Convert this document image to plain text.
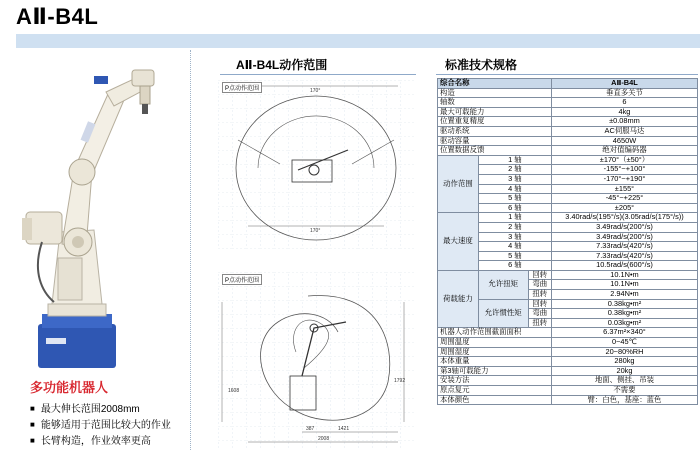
AⅡ-B4L
多功能机器人
■ 最大伸长范围2008mm
■ 能够适用于范围比较大的作业
■ 长臂构造，作业效率更高
AⅡ-B4L动作范围
170°
170°
P点动作范围
1608
387	1421
2008
1792
P点动作范围
标准技术规格
综合名称			AⅡ-B4L
构造			垂直多关节
轴数			6
最大可载能力			4kg
位置重复精度			±0.08mm
驱动系统			AC伺服马达
驱动容量			4650W
位置数据反馈			绝对值编码器
动作范围	1 轴		±170°（±50°）
	2 轴		-155°~+100°
	3 轴		-170°~+190°
	4 轴		±155°
	5 轴		-45°~+225°
	6 轴		±205°
最大速度	1 轴		3.40rad/s(195°/s)(3.05rad/s(175°/s))
	2 轴		3.49rad/s(200°/s)
	3 轴		3.49rad/s(200°/s)
	4 轴		7.33rad/s(420°/s)
	5 轴		7.33rad/s(420°/s)
	6 轴		10.5rad/s(600°/s)
荷载能力	允许扭矩	回转	10.1N•m
		弯曲	10.1N•m
		扭转	2.94N•m
	允许惯性矩	回转	0.38kg•m²
		弯曲	0.38kg•m²
		扭转	0.03kg•m²
机器人动作范围截面面积			6.37m²×340°
周围温度			0~45℃
周围湿度			20~80%RH
本体重量			280kg
第3轴可载能力			20kg
安装方法			地面、侧挂、吊装
原点复元			不需要
本体颜色			臂：白色，基座：蓝色
